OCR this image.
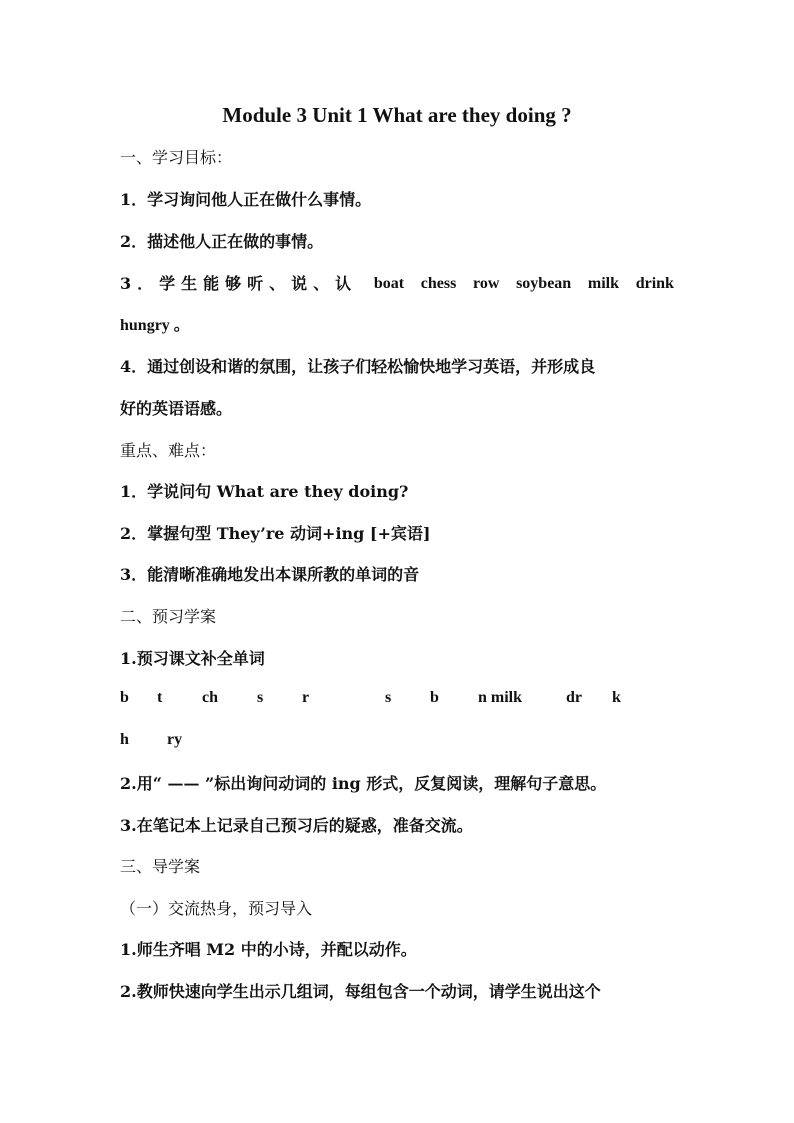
Module 3 Unit 1 What are they doing ?
一、学习目标：
1．学习询问他人正在做什么事情。
2．描述他人正在做的事情。
3．学生能够听、说、认 boat chess row soybean milk drink
hungry 。
4．通过创设和谐的氛围，让孩子们轻松愉快地学习英语，并形成良
好的英语语感。
重点、难点：
1．学说问句 What are they doing?
2．掌握句型 They’re 动词+ing [+宾语]
3．能清晰准确地发出本课所教的单词的音
二、预习学案
1.预习课文补全单词
b t ch s r	s b n milk	dr k
h ry
2.用“ —— ”标出询问动词的 ing 形式，反复阅读，理解句子意思。
3.在笔记本上记录自己预习后的疑惑，准备交流。
三、导学案
（一）交流热身，预习导入
1.师生齐唱 M2 中的小诗，并配以动作。
2.教师快速向学生出示几组词，每组包含一个动词，请学生说出这个
